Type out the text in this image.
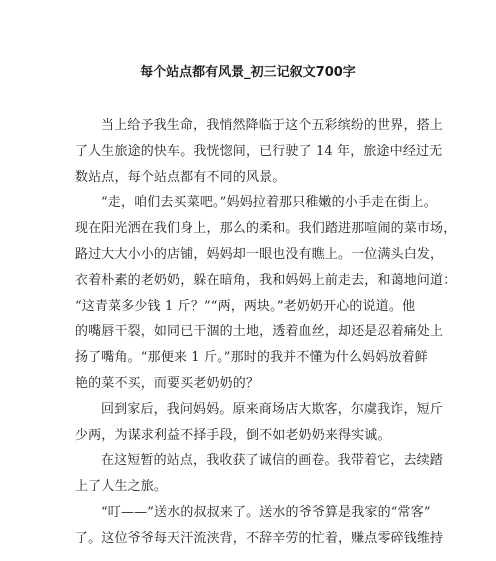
每个站点都有风景_初三记叙文700字

当上给予我生命，我悄然降临于这个五彩缤纷的世界，搭上
了人生旅途的快车。我恍惚间，已行驶了 14 年，旅途中经过无
数站点，每个站点都有不同的风景。

“走，咱们去买菜吧。”妈妈拉着那只稚嫩的小手走在街上。
现在阳光洒在我们身上，那么的柔和。我们踏进那喧闹的菜市场，
路过大大小小的店铺，妈妈却一眼也没有瞧上。一位满头白发，
衣着朴素的老奶奶，躲在暗角，我和妈妈上前走去，和蔼地问道：
“这青菜多少钱 1 斤？”“两，两块。”老奶奶开心的说道。他
的嘴唇干裂，如同已干涸的土地，透着血丝，却还是忍着痛处上
扬了嘴角。“那便来 1 斤。”那时的我并不懂为什么妈妈放着鲜
艳的菜不买，而要买老奶奶的？

回到家后，我问妈妈。原来商场店大欺客，尔虞我诈，短斤
少两，为谋求利益不择手段，倒不如老奶奶来得实诚。

在这短暂的站点，我收获了诚信的画卷。我带着它，去续踏
上了人生之旅。

“叮——”送水的叔叔来了。送水的爷爷算是我家的“常客”
了。这位爷爷每天汗流浃背，不辞辛劳的忙着，赚点零碎钱维持
